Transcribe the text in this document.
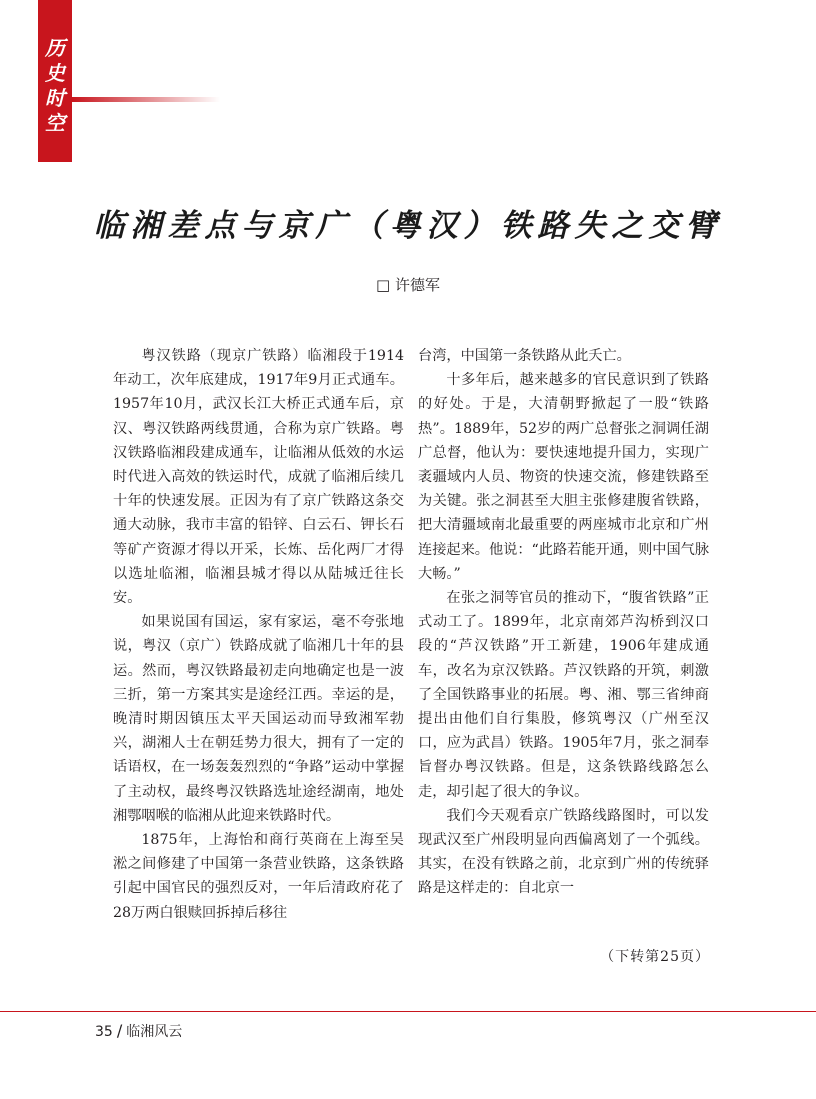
历
史
时
空
临湘差点与京广（粤汉）铁路失之交臂
□ 许德军

粤汉铁路（现京广铁路）临湘段于1914年动工，次年底建成，1917年9月正式通车。1957年10月，武汉长江大桥正式通车后，京汉、粤汉铁路两线贯通，合称为京广铁路。粤汉铁路临湘段建成通车，让临湘从低效的水运时代进入高效的铁运时代，成就了临湘后续几十年的快速发展。正因为有了京广铁路这条交通大动脉，我市丰富的铅锌、白云石、钾长石等矿产资源才得以开采，长炼、岳化两厂才得以选址临湘，临湘县城才得以从陆城迁往长安。

如果说国有国运，家有家运，毫不夸张地说，粤汉（京广）铁路成就了临湘几十年的县运。然而，粤汉铁路最初走向地确定也是一波三折，第一方案其实是途经江西。幸运的是，晚清时期因镇压太平天国运动而导致湘军勃兴，湖湘人士在朝廷势力很大，拥有了一定的话语权，在一场轰轰烈烈的“争路”运动中掌握了主动权，最终粤汉铁路选址途经湖南，地处湘鄂咽喉的临湘从此迎来铁路时代。

1875年，上海怡和商行英商在上海至吴淞之间修建了中国第一条营业铁路，这条铁路引起中国官民的强烈反对，一年后清政府花了28万两白银赎回拆掉后移往

台湾，中国第一条铁路从此夭亡。

十多年后，越来越多的官民意识到了铁路的好处。于是，大清朝野掀起了一股“铁路热”。1889年，52岁的两广总督张之洞调任湖广总督，他认为：要快速地提升国力，实现广袤疆域内人员、物资的快速交流，修建铁路至为关键。张之洞甚至大胆主张修建腹省铁路，把大清疆域南北最重要的两座城市北京和广州连接起来。他说：“此路若能开通，则中国气脉大畅。”

在张之洞等官员的推动下，“腹省铁路”正式动工了。1899年，北京南郊芦沟桥到汉口段的“芦汉铁路”开工新建，1906年建成通车，改名为京汉铁路。芦汉铁路的开筑，刺激了全国铁路事业的拓展。粤、湘、鄂三省绅商提出由他们自行集股，修筑粤汉（广州至汉口，应为武昌）铁路。1905年7月，张之洞奉旨督办粤汉铁路。但是，这条铁路线路怎么走，却引起了很大的争议。

我们今天观看京广铁路线路图时，可以发现武汉至广州段明显向西偏离划了一个弧线。其实，在没有铁路之前，北京到广州的传统驿路是这样走的：自北京一

（下转第25页）
35 / 临湘风云
